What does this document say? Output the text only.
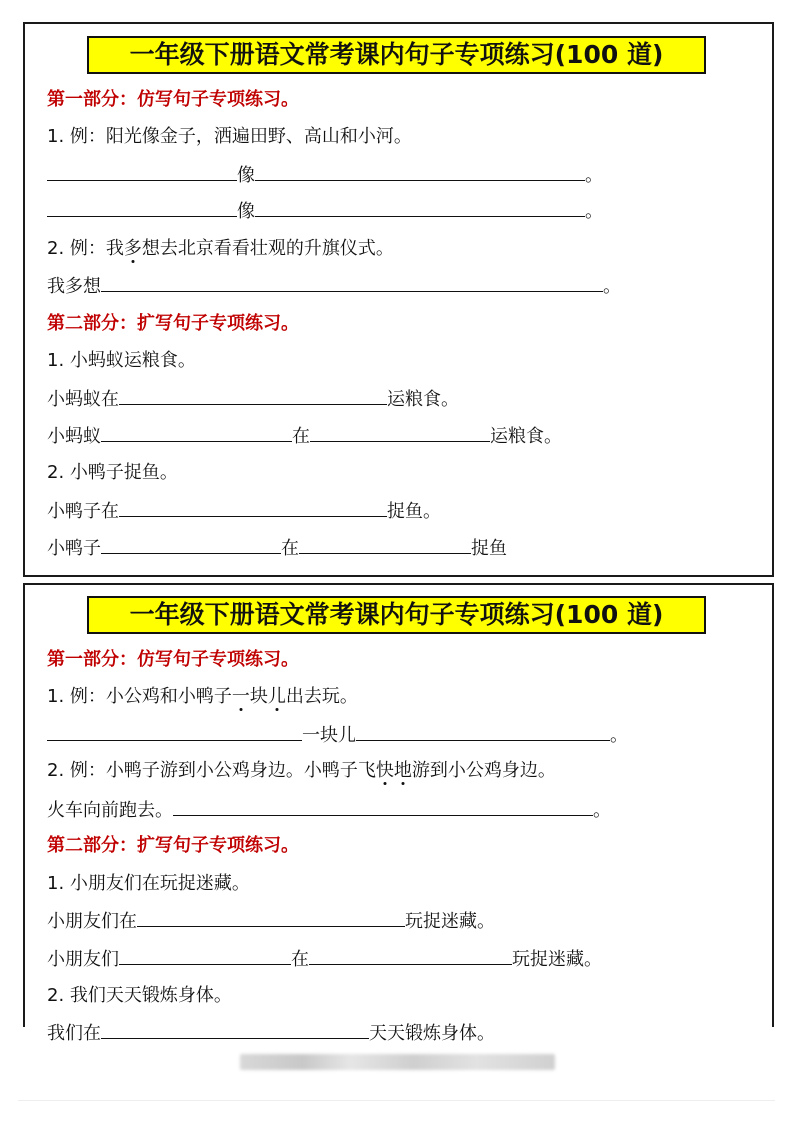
一年级下册语文常考课内句子专项练习(100 道)
第一部分：仿写句子专项练习。
1. 例：阳光像金子，洒遍田野、高山和小河。
像	。
像	。
2. 例：我多想去北京看看壮观的升旗仪式。
我多想	。
第二部分：扩写句子专项练习。
1. 小蚂蚁运粮食。
小蚂蚁在	运粮食。
小蚂蚁	在	运粮食。
2. 小鸭子捉鱼。
小鸭子在	捉鱼。
小鸭子	在	捉鱼
一年级下册语文常考课内句子专项练习(100 道)
第一部分：仿写句子专项练习。
1. 例：小公鸡和小鸭子一块儿出去玩。
一块儿	。
2. 例：小鸭子游到小公鸡身边。小鸭子飞快地游到小公鸡身边。
火车向前跑去。	。
第二部分：扩写句子专项练习。
1. 小朋友们在玩捉迷藏。
小朋友们在	玩捉迷藏。
小朋友们	在	玩捉迷藏。
2. 我们天天锻炼身体。
我们在	天天锻炼身体。
